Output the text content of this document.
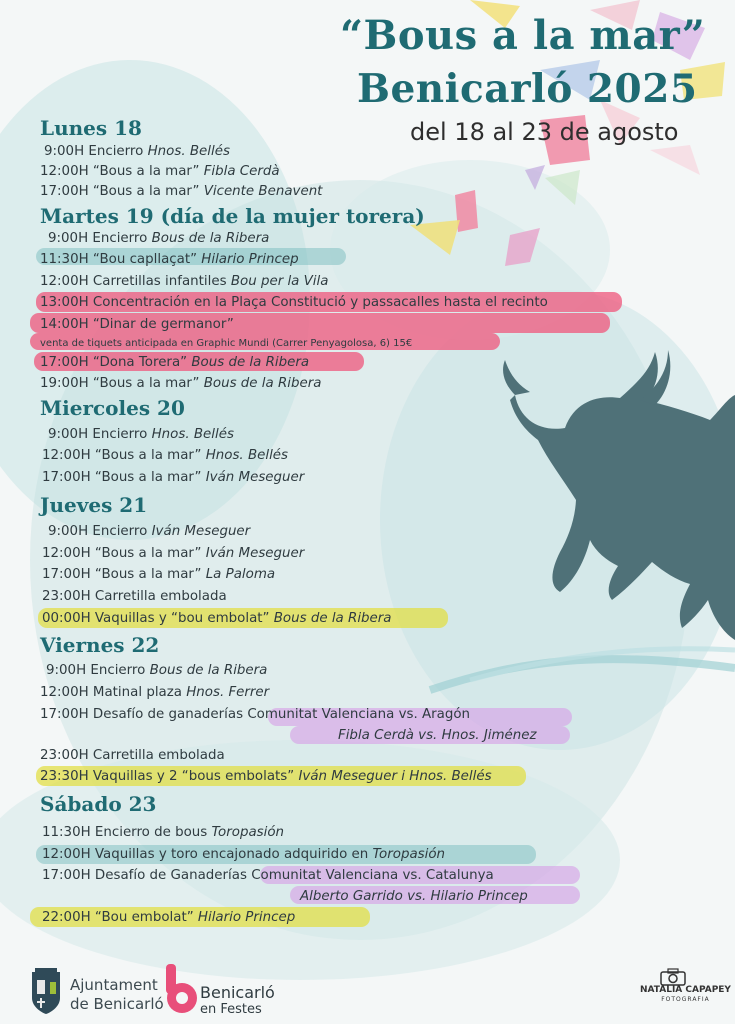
“Bous a la mar”
Benicarló 2025
del 18 al 23 de agosto
Lunes 18
9:00H Encierro Hnos. Bellés
12:00H “Bous a la mar” Fibla Cerdà
17:00H “Bous a la mar” Vicente Benavent
Martes 19 (día de la mujer torera)
9:00H Encierro Bous de la Ribera
11:30H “Bou capllaçat” Hilario Princep
12:00H Carretillas infantiles Bou per la Vila
13:00H Concentración en la Plaça Constitució y passacalles hasta el recinto
14:00H “Dinar de germanor”
venta de tiquets anticipada en Graphic Mundi (Carrer Penyagolosa, 6) 15€
17:00H “Dona Torera” Bous de la Ribera
19:00H “Bous a la mar” Bous de la Ribera
Miercoles 20
9:00H Encierro Hnos. Bellés
12:00H “Bous a la mar” Hnos. Bellés
17:00H “Bous a la mar” Iván Meseguer
Jueves 21
9:00H Encierro Iván Meseguer
12:00H “Bous a la mar” Iván Meseguer
17:00H “Bous a la mar” La Paloma
23:00H Carretilla embolada
00:00H Vaquillas y “bou embolat” Bous de la Ribera
Viernes 22
9:00H Encierro Bous de la Ribera
12:00H Matinal plaza Hnos. Ferrer
17:00H Desafío de ganaderías Comunitat Valenciana vs. Aragón
Fibla Cerdà vs. Hnos. Jiménez
23:00H Carretilla embolada
23:30H Vaquillas y 2 “bous embolats” Iván Meseguer i Hnos. Bellés
Sábado 23
11:30H Encierro de bous Toropasión
12:00H Vaquillas y toro encajonado adquirido en Toropasión
17:00H Desafío de Ganaderías Comunitat Valenciana vs. Catalunya
Alberto Garrido vs. Hilario Princep
22:00H “Bou embolat” Hilario Princep
Ajuntament
de Benicarló
Benicarló
en Festes
NATALIA CAPAPEY
FOTOGRAFIA
